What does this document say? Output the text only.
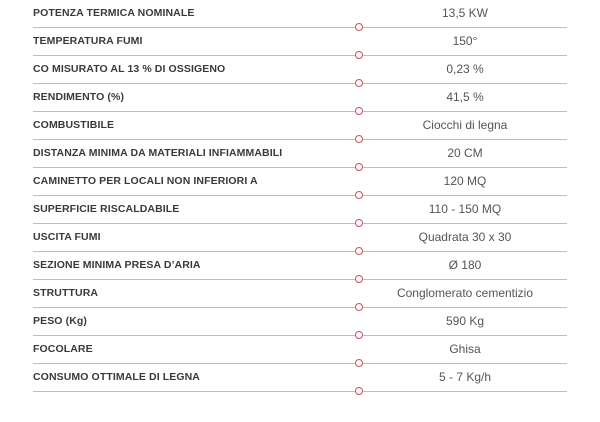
POTENZA TERMICA NOMINALE	13,5 KW
TEMPERATURA FUMI	150°
CO MISURATO AL 13 % DI OSSIGENO	0,23 %
RENDIMENTO (%)	41,5 %
COMBUSTIBILE	Ciocchi di legna
DISTANZA MINIMA DA MATERIALI INFIAMMABILI	20 CM
CAMINETTO PER LOCALI NON INFERIORI A	120 MQ
SUPERFICIE RISCALDABILE	110 - 150 MQ
USCITA FUMI	Quadrata 30 x 30
SEZIONE MINIMA PRESA D’ARIA	Ø 180
STRUTTURA	Conglomerato cementizio
PESO (Kg)	590 Kg
FOCOLARE	Ghisa
CONSUMO OTTIMALE DI LEGNA	5 - 7 Kg/h
